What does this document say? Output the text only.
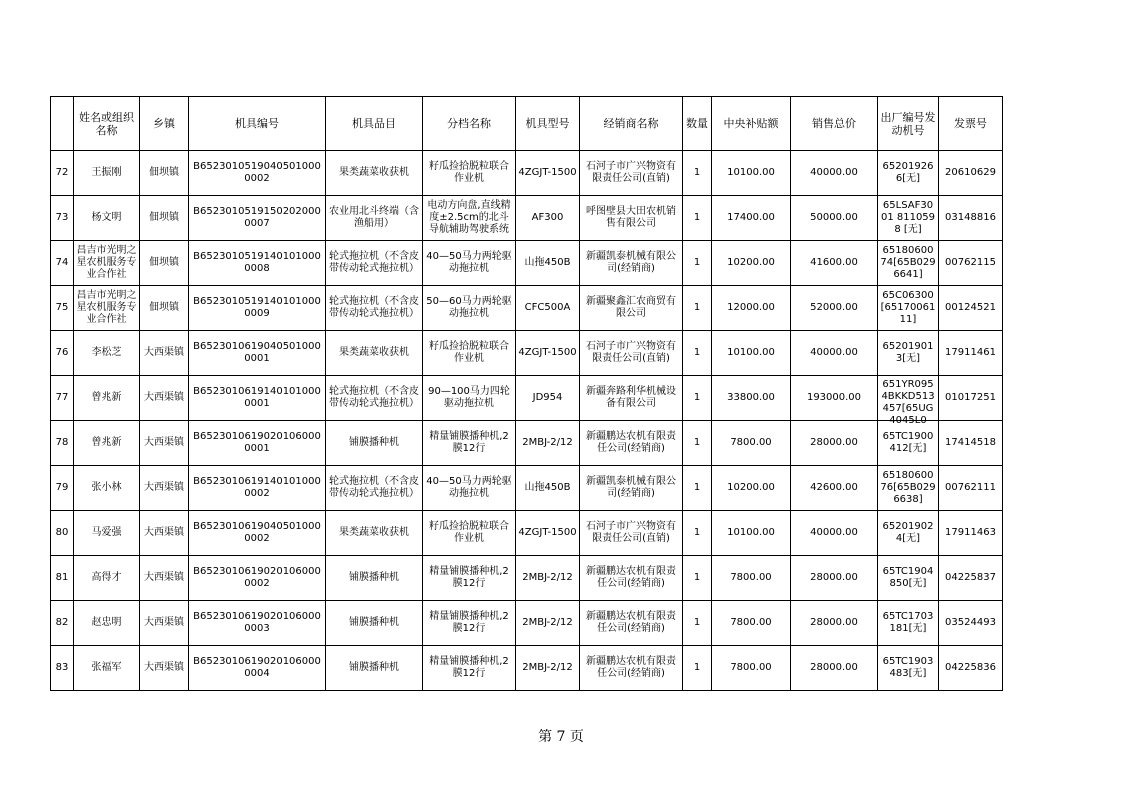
	姓名或组织名称	乡镇	机具编号	机具品目	分档名称	机具型号	经销商名称	数量	中央补贴额	销售总价	出厂编号发动机号	发票号

72	王振刚	佃坝镇	B65230105190405010000002	果类蔬菜收获机	籽瓜捡拾脱粒联合作业机	4ZGJT-1500	石河子市广兴物资有限责任公司(直销)	1	10100.00	40000.00	652019266[无]	20610629

73	杨文明	佃坝镇	B65230105191502020000007	农业用北斗终端（含渔船用）	电动方向盘,直线精度±2.5cm的北斗导航辅助驾驶系统	AF300	呼图壁县大田农机销售有限公司	1	17400.00	50000.00	65LSAF3001 8110598 [无]	03148816

74	昌吉市光明之星农机服务专业合作社	佃坝镇	B65230105191401010000008	轮式拖拉机（不含皮带传动轮式拖拉机）	40—50马力两轮驱动拖拉机	山拖450B	新疆凯泰机械有限公司(经销商)	1	10200.00	41600.00	6518060074[65B0296641]	00762115

75	昌吉市光明之星农机服务专业合作社	佃坝镇	B65230105191401010000009	轮式拖拉机（不含皮带传动轮式拖拉机）	50—60马力两轮驱动拖拉机	CFC500A	新疆聚鑫汇农商贸有限公司	1	12000.00	52000.00	65C06300[6517006111]	00124521

76	李松芝	大西渠镇	B65230106190405010000001	果类蔬菜收获机	籽瓜捡拾脱粒联合作业机	4ZGJT-1500	石河子市广兴物资有限责任公司(直销)	1	10100.00	40000.00	652019013[无]	17911461

77	曾兆新	大西渠镇	B65230106191401010000001	轮式拖拉机（不含皮带传动轮式拖拉机）	90—100马力四轮驱动拖拉机	JD954	新疆奔路利华机械设备有限公司	1	33800.00	193000.00	651YR0954BKKD513457[65UG4045L0	01017251

78	曾兆新	大西渠镇	B65230106190201060000001	铺膜播种机	精量铺膜播种机,2膜12行	2MBJ-2/12	新疆鹏达农机有限责任公司(经销商)	1	7800.00	28000.00	65TC1900412[无]	17414518

79	张小林	大西渠镇	B65230106191401010000002	轮式拖拉机（不含皮带传动轮式拖拉机）	40—50马力两轮驱动拖拉机	山拖450B	新疆凯泰机械有限公司(经销商)	1	10200.00	42600.00	6518060076[65B0296638]	00762111

80	马爱强	大西渠镇	B65230106190405010000002	果类蔬菜收获机	籽瓜捡拾脱粒联合作业机	4ZGJT-1500	石河子市广兴物资有限责任公司(直销)	1	10100.00	40000.00	652019024[无]	17911463

81	高得才	大西渠镇	B65230106190201060000002	铺膜播种机	精量铺膜播种机,2膜12行	2MBJ-2/12	新疆鹏达农机有限责任公司(经销商)	1	7800.00	28000.00	65TC1904850[无]	04225837

82	赵忠明	大西渠镇	B65230106190201060000003	铺膜播种机	精量铺膜播种机,2膜12行	2MBJ-2/12	新疆鹏达农机有限责任公司(经销商)	1	7800.00	28000.00	65TC1703181[无]	03524493

83	张福军	大西渠镇	B65230106190201060000004	铺膜播种机	精量铺膜播种机,2膜12行	2MBJ-2/12	新疆鹏达农机有限责任公司(经销商)	1	7800.00	28000.00	65TC1903483[无]	04225836
第 7 页
